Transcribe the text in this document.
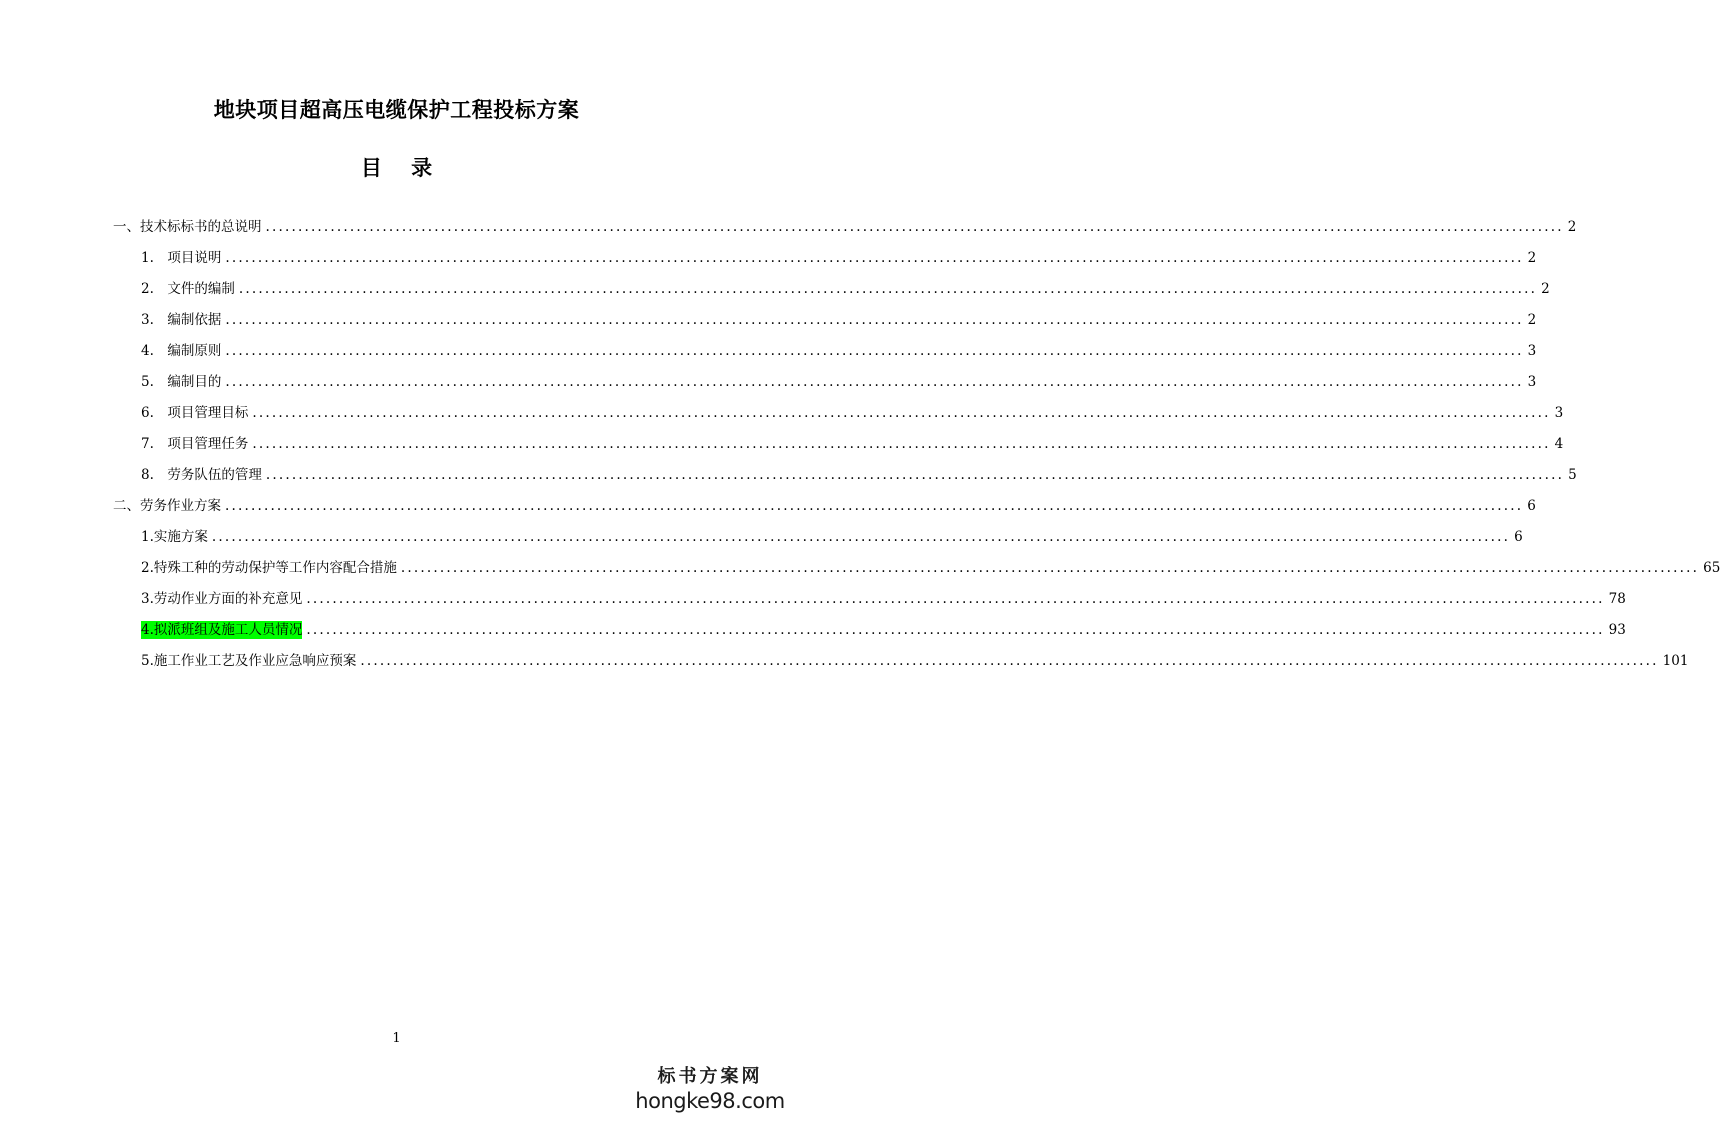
地块项目超高压电缆保护工程投标方案
目 录
一、技术标标书的总说明 ........................................................................................................................................................................................................ 2
1.　项目说明 ........................................................................................................................................................................................................ 2
2.　文件的编制 ........................................................................................................................................................................................................ 2
3.　编制依据 ........................................................................................................................................................................................................ 2
4.　编制原则 ........................................................................................................................................................................................................ 3
5.　编制目的 ........................................................................................................................................................................................................ 3
6.　项目管理目标 ........................................................................................................................................................................................................ 3
7.　项目管理任务 ........................................................................................................................................................................................................ 4
8.　劳务队伍的管理 ........................................................................................................................................................................................................ 5
二、劳务作业方案 ........................................................................................................................................................................................................ 6
1.实施方案 ........................................................................................................................................................................................................ 6
2.特殊工种的劳动保护等工作内容配合措施 ........................................................................................................................................................................................................ 65
3.劳动作业方面的补充意见 ........................................................................................................................................................................................................ 78
4.拟派班组及施工人员情况 ........................................................................................................................................................................................................ 93
5.施工作业工艺及作业应急响应预案 ........................................................................................................................................................................................................ 101
1
标书方案网
hongke98.com
